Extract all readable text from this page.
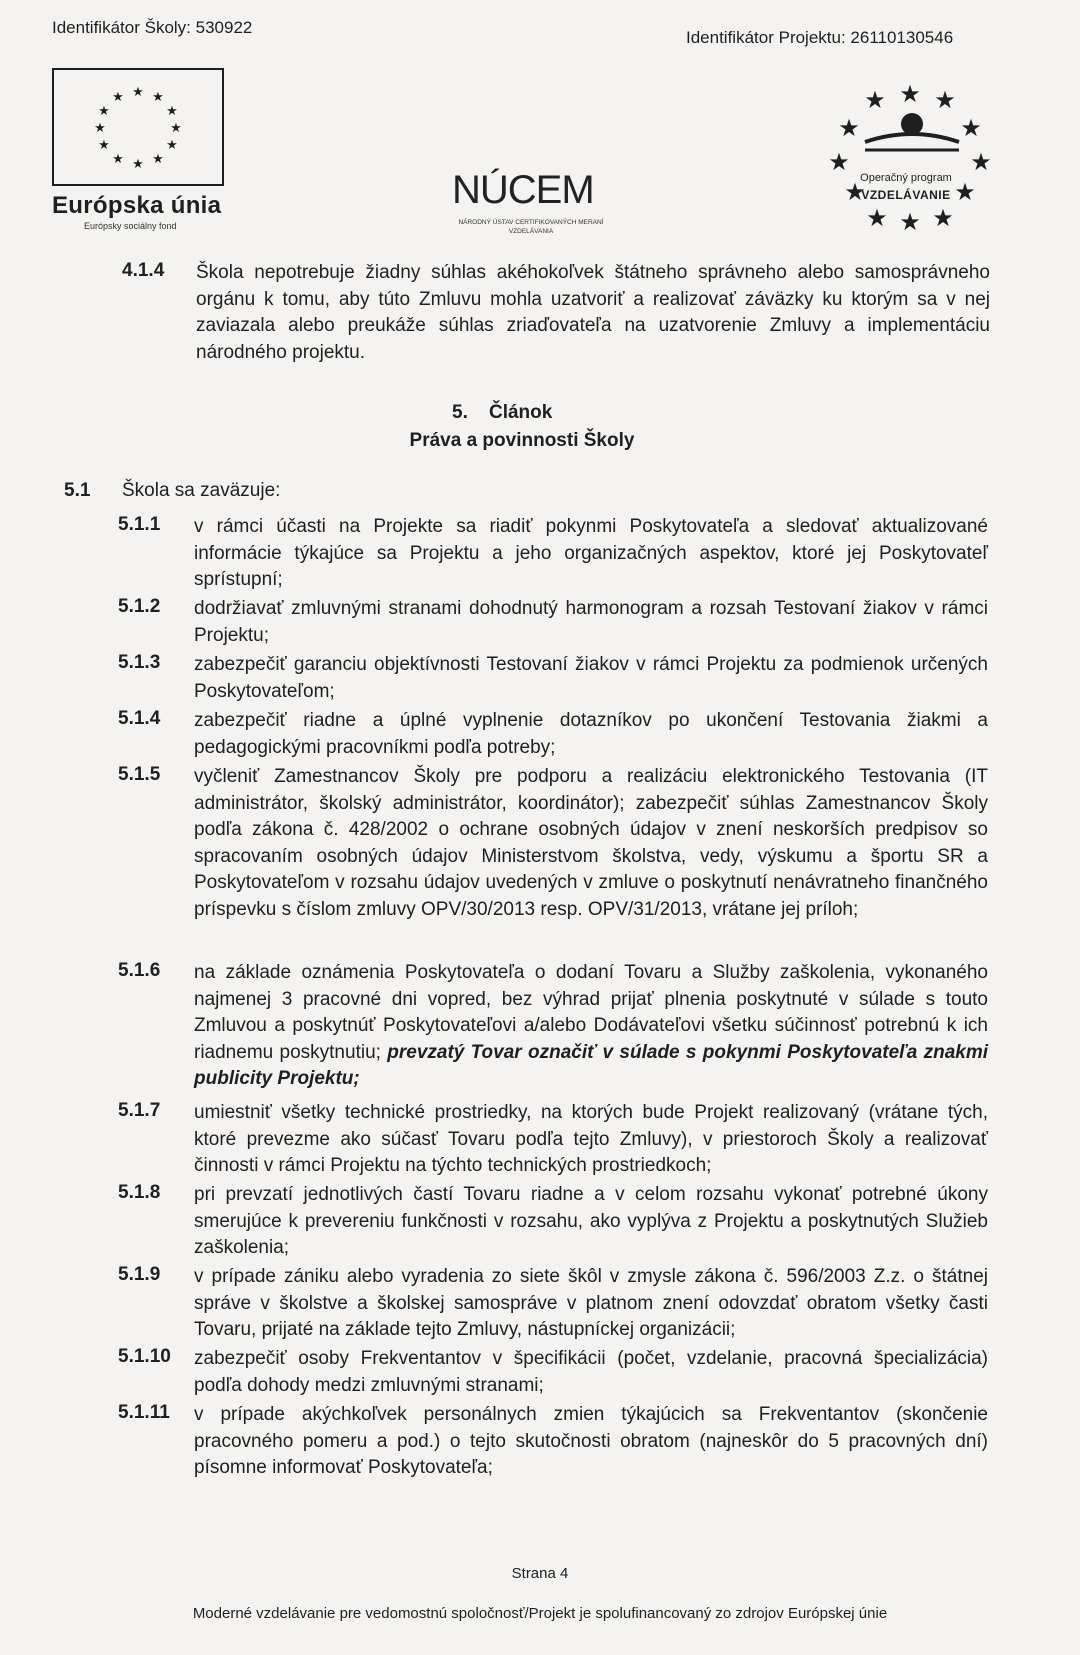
Identifikátor Školy: 530922
Identifikátor Projektu: 26110130546
★ ★
★
★
★
★
★
★
★
★
★
★
Európska únia
Európsky sociálny fond
NÚCEM
NÁRODNÝ ÚSTAV CERTIFIKOVANÝCH MERANÍ VZDELÁVANIA
★ ★ ★
★	★
★	★
★	★
★ ★ ★
Operačný program
VZDELÁVANIE
4.1.4 Škola nepotrebuje žiadny súhlas akéhokoľvek štátneho správneho alebo samosprávneho orgánu k tomu, aby túto Zmluvu mohla uzatvoriť a realizovať záväzky ku ktorým sa v nej zaviazala alebo preukáže súhlas zriaďovateľa na uzatvorenie Zmluvy a implementáciu národného projektu.
5. Článok
Práva a povinnosti Školy
5.1 Škola sa zaväzuje:
5.1.1 v rámci účasti na Projekte sa riadiť pokynmi Poskytovateľa a sledovať aktualizované informácie týkajúce sa Projektu a jeho organizačných aspektov, ktoré jej Poskytovateľ sprístupní;
5.1.2 dodržiavať zmluvnými stranami dohodnutý harmonogram a rozsah Testovaní žiakov v rámci Projektu;
5.1.3 zabezpečiť garanciu objektívnosti Testovaní žiakov v rámci Projektu za podmienok určených Poskytovateľom;
5.1.4 zabezpečiť riadne a úplné vyplnenie dotazníkov po ukončení Testovania žiakmi a pedagogickými pracovníkmi podľa potreby;
5.1.5 vyčleniť Zamestnancov Školy pre podporu a realizáciu elektronického Testovania (IT administrátor, školský administrátor, koordinátor); zabezpečiť súhlas Zamestnancov Školy podľa zákona č. 428/2002 o ochrane osobných údajov v znení neskorších predpisov so spracovaním osobných údajov Ministerstvom školstva, vedy, výskumu a športu SR a Poskytovateľom v rozsahu údajov uvedených v zmluve o poskytnutí nenávratneho finančného príspevku s číslom zmluvy OPV/30/2013 resp. OPV/31/2013, vrátane jej príloh;
5.1.6 na základe oznámenia Poskytovateľa o dodaní Tovaru a Služby zaškolenia, vykonaného najmenej 3 pracovné dni vopred, bez výhrad prijať plnenia poskytnuté v súlade s touto Zmluvou a poskytnúť Poskytovateľovi a/alebo Dodávateľovi všetku súčinnosť potrebnú k ich riadnemu poskytnutiu; prevzatý Tovar označiť v súlade s pokynmi Poskytovateľa znakmi publicity Projektu;
5.1.7 umiestniť všetky technické prostriedky, na ktorých bude Projekt realizovaný (vrátane tých, ktoré prevezme ako súčasť Tovaru podľa tejto Zmluvy), v priestoroch Školy a realizovať činnosti v rámci Projektu na týchto technických prostriedkoch;
5.1.8 pri prevzatí jednotlivých častí Tovaru riadne a v celom rozsahu vykonať potrebné úkony smerujúce k prevereniu funkčnosti v rozsahu, ako vyplýva z Projektu a poskytnutých Služieb zaškolenia;
5.1.9 v prípade zániku alebo vyradenia zo siete škôl v zmysle zákona č. 596/2003 Z.z. o štátnej správe v školstve a školskej samospráve v platnom znení odovzdať obratom všetky časti Tovaru, prijaté na základe tejto Zmluvy, nástupníckej organizácii;
5.1.10 zabezpečiť osoby Frekventantov v špecifikácii (počet, vzdelanie, pracovná špecializácia) podľa dohody medzi zmluvnými stranami;
5.1.11 v prípade akýchkoľvek personálnych zmien týkajúcich sa Frekventantov (skončenie pracovného pomeru a pod.) o tejto skutočnosti obratom (najneskôr do 5 pracovných dní) písomne informovať Poskytovateľa;
Strana 4
Moderné vzdelávanie pre vedomostnú spoločnosť/Projekt je spolufinancovaný zo zdrojov Európskej únie
